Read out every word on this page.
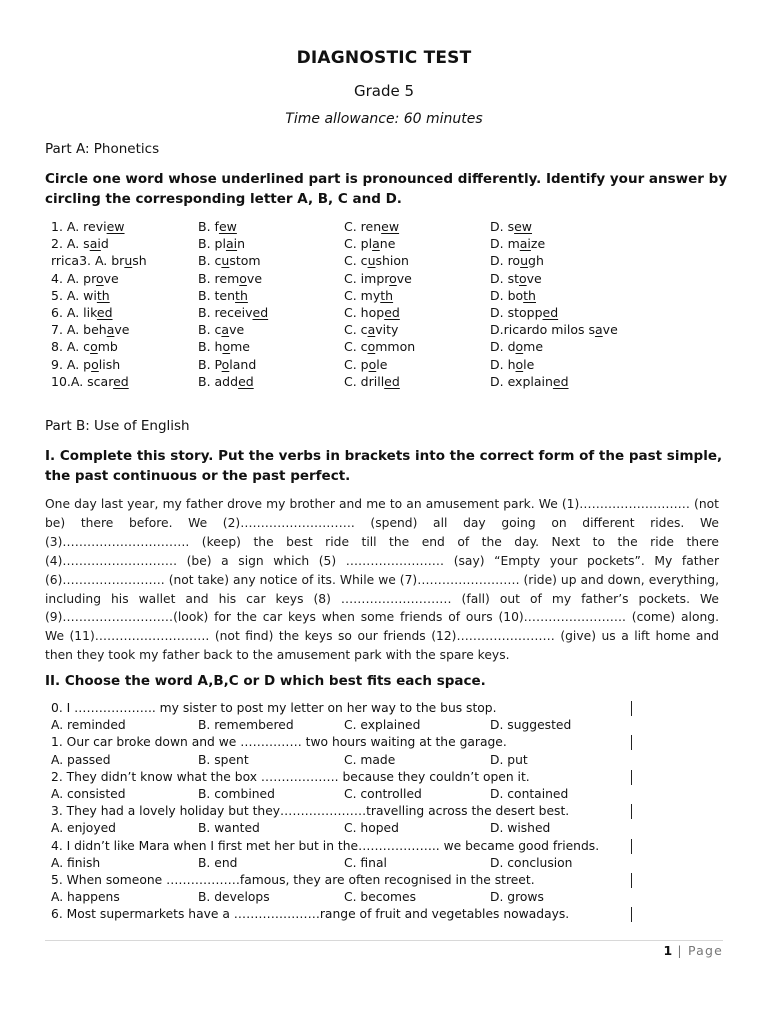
DIAGNOSTIC TEST
Grade 5
Time allowance: 60 minutes
Part A: Phonetics
Circle one word whose underlined part is pronounced differently. Identify your answer by circling the corresponding letter A, B, C and D.
1. A. review	B. few	C. renew	D. sew
2. A. said	B. plain	C. plane	D. maize
rrica3. A. brush	B. custom	C. cushion	D. rough
4. A. prove	B. remove	C. improve	D. stove
5. A. with	B. tenth	C. myth	D. both
6. A. liked	B. received	C. hoped	D. stopped
7. A. behave	B. cave	C. cavity	D.ricardo milos save
8. A. comb	B. home	C. common	D. dome
9. A. polish	B. Poland	C. pole	D. hole
10.A. scared	B. added	C. drilled	D. explained
Part B: Use of English
I. Complete this story. Put the verbs in brackets into the correct form of the past simple, the past continuous or the past perfect.
One day last year, my father drove my brother and me to an amusement park. We (1)……………………… (not be) there before. We (2)………………………. (spend) all day going on different rides. We (3)…………………………. (keep) the best ride till the end of the day. Next to the ride there (4)………………………. (be) a sign which (5) …………………… (say) “Empty your pockets”. My father (6)……………………. (not take) any notice of its. While we (7)……………………. (ride) up and down, everything, including his wallet and his car keys (8) ……………………… (fall) out of my father’s pockets. We (9)………………………(look) for the car keys when some friends of ours (10)……………………. (come) along. We (11)………………………. (not find) the keys so our friends (12)…………………… (give) us a lift home and then they took my father back to the amusement park with the spare keys.
II. Choose the word A,B,C or D which best fits each space.
0. I ……………….. my sister to post my letter on her way to the bus stop.
A. reminded	B. remembered	C. explained	D. suggested
1. Our car broke down and we …………… two hours waiting at the garage.
A. passed	B. spent	C. made	D. put
2. They didn’t know what the box ………………. because they couldn’t open it.
A. consisted	B. combined	C. controlled	D. contained
3. They had a lovely holiday but they…………………travelling across the desert best.
A. enjoyed	B. wanted	C. hoped	D. wished
4. I didn’t like Mara when I first met her but in the……………….. we became good friends.
A. finish	B. end	C. final	D. conclusion
5. When someone ………………famous, they are often recognised in the street.
A. happens	B. develops	C. becomes	D. grows
6. Most supermarkets have a …………………range of fruit and vegetables nowadays.
1 | Page
